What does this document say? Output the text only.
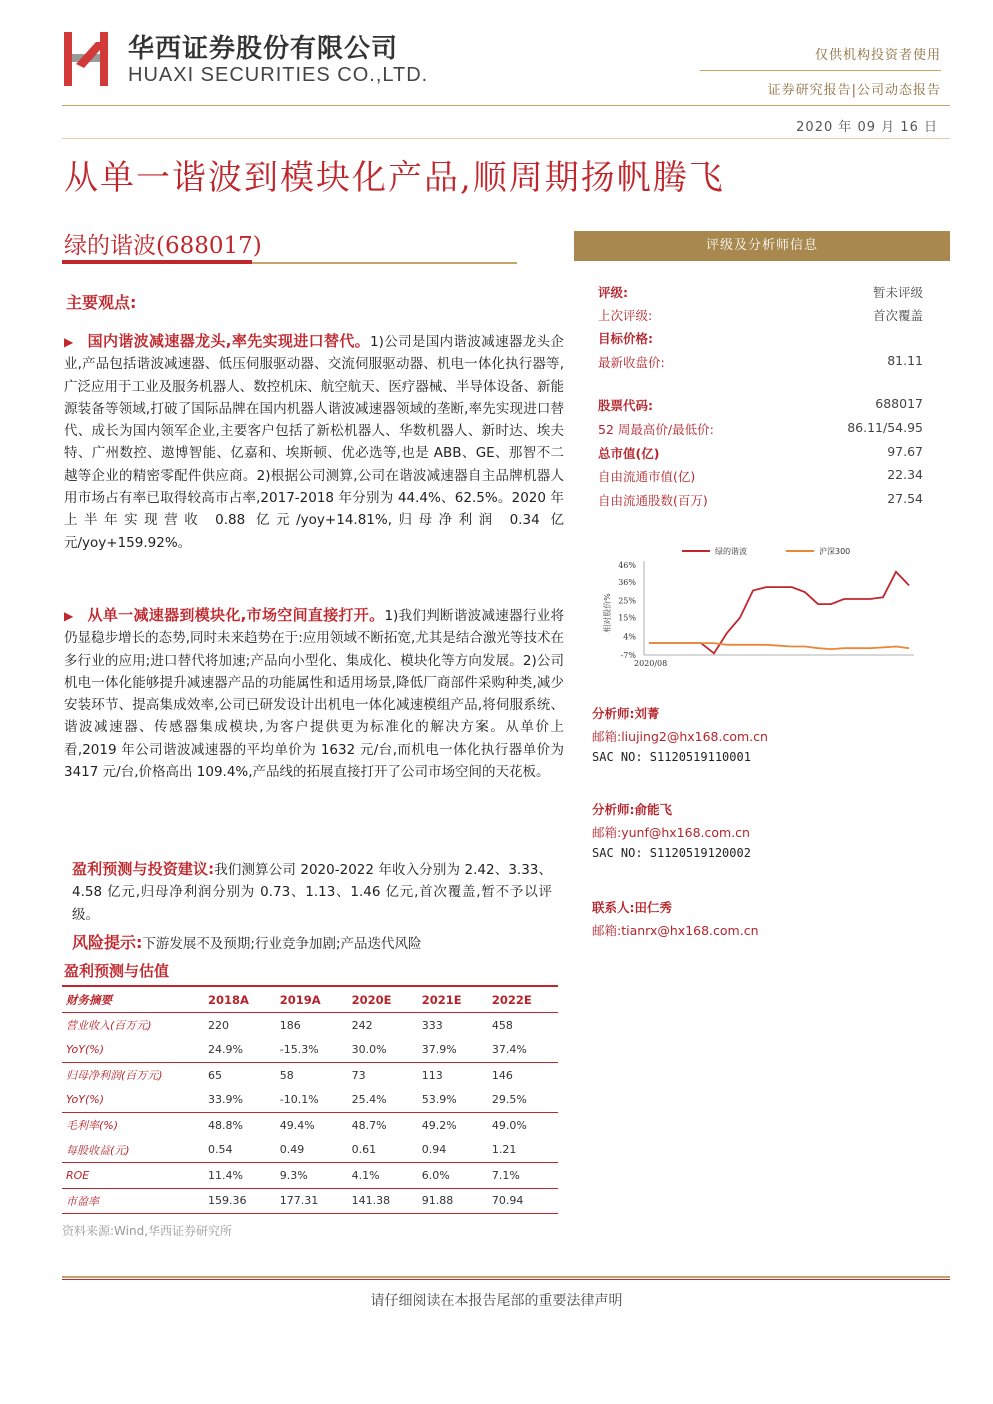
华西证券股份有限公司
HUAXI SECURITIES CO.,LTD.
仅供机构投资者使用
证券研究报告|公司动态报告
2020 年 09 月 16 日
从单一谐波到模块化产品,顺周期扬帆腾飞
绿的谐波(688017)
主要观点:
▶ 国内谐波减速器龙头,率先实现进口替代。1)公司是国内谐波减速器龙头企业,产品包括谐波减速器、低压伺服驱动器、交流伺服驱动器、机电一体化执行器等,广泛应用于工业及服务机器人、数控机床、航空航天、医疗器械、半导体设备、新能源装备等领域,打破了国际品牌在国内机器人谐波减速器领域的垄断,率先实现进口替代、成长为国内领军企业,主要客户包括了新松机器人、华数机器人、新时达、埃夫特、广州数控、遨博智能、亿嘉和、埃斯顿、优必选等,也是 ABB、GE、那智不二越等企业的精密零配件供应商。2)根据公司测算,公司在谐波减速器自主品牌机器人用市场占有率已取得较高市占率,2017-2018 年分别为 44.4%、62.5%。2020 年上半年实现营收 0.88 亿元/yoy+14.81%,归母净利润 0.34 亿元/yoy+159.92%。
▶ 从单一减速器到模块化,市场空间直接打开。1)我们判断谐波减速器行业将仍显稳步增长的态势,同时未来趋势在于:应用领域不断拓宽,尤其是结合激光等技术在多行业的应用;进口替代将加速;产品向小型化、集成化、模块化等方向发展。2)公司机电一体化能够提升减速器产品的功能属性和适用场景,降低厂商部件采购种类,减少安装环节、提高集成效率,公司已研发设计出机电一体化减速模组产品,将伺服系统、谐波减速器、传感器集成模块,为客户提供更为标准化的解决方案。从单价上看,2019 年公司谐波减速器的平均单价为 1632 元/台,而机电一体化执行器单价为 3417 元/台,价格高出 109.4%,产品线的拓展直接打开了公司市场空间的天花板。
盈利预测与投资建议:我们测算公司 2020-2022 年收入分别为 2.42、3.33、4.58 亿元,归母净利润分别为 0.73、1.13、1.46 亿元,首次覆盖,暂不予以评级。
风险提示:下游发展不及预期;行业竞争加剧;产品迭代风险
评级及分析师信息
评级:	暂未评级
上次评级:	首次覆盖
目标价格:
最新收盘价:	81.11
股票代码:	688017
52 周最高价/最低价:	86.11/54.95
总市值(亿)	97.67
自由流通市值(亿)	22.34
自由流通股数(百万)	27.54
相对股价%
46%
36%
25%
15%
4%
-7%
2020/08
绿的谐波	沪深300
分析师:刘菁
邮箱:liujing2@hx168.com.cn
SAC NO: S1120519110001
分析师:俞能飞
邮箱:yunf@hx168.com.cn
SAC NO: S1120519120002
联系人:田仁秀
邮箱:tianrx@hx168.com.cn
盈利预测与估值
财务摘要	2018A	2019A	2020E	2021E	2022E
营业收入(百万元)	220	186	242	333	458
YoY(%)	24.9%	-15.3%	30.0%	37.9%	37.4%
归母净利润(百万元)	65	58	73	113	146
YoY(%)	33.9%	-10.1%	25.4%	53.9%	29.5%
毛利率(%)	48.8%	49.4%	48.7%	49.2%	49.0%
每股收益(元)	0.54	0.49	0.61	0.94	1.21
ROE	11.4%	9.3%	4.1%	6.0%	7.1%
市盈率	159.36	177.31	141.38	91.88	70.94
资料来源:Wind,华西证券研究所
请仔细阅读在本报告尾部的重要法律声明
